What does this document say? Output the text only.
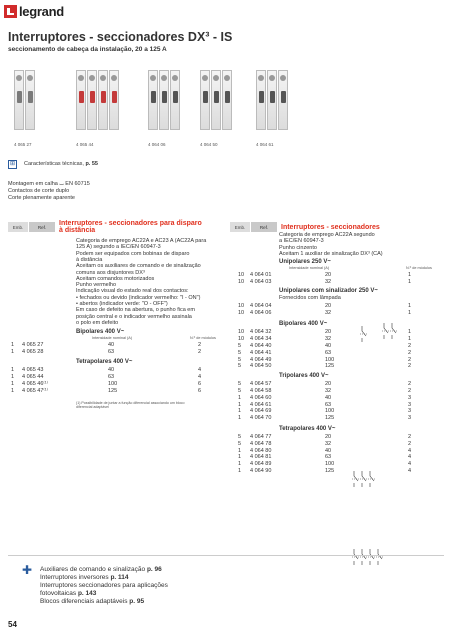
legrand
Interruptores - seccionadores DX³ - IS
seccionamento de cabeça da instalação, 20 a 125 A
4 065 27	4 065 44	4 064 06	4 064 50	4 064 61
⊞	Características técnicas, p. 55
Montagem em calha ⌴ EN 60715
Contactos de corte duplo
Corte plenamente aparente
Emb.	Ref.	Interruptores - seccionadores para disparo
à distância
Categoria de emprego AC22A e AC23 A (AC22A para
125 A) segundo a IEC/EN 60947-3
Podem ser equipados com bobinas de disparo
à distância
Aceitam os auxiliares de comando e de sinalização
comuns aos disjuntores DX³
Aceitam comandos motorizados
Punho vermelho
Indicação visual do estado real dos contactos:
• fechados ou devido (indicador vermelho: "I - ON")
• abertos (indicador verde: "O - OFF")
Em caso de defeito na abertura, o punho fica em
posição central e o indicador vermelho assinala
o polo em defeito
Bipolares 400 V~
Intensidade nominal (A)	N.º de módulos
1 4 065 27	40	2
1 4 065 28	63	2
Tetrapolares 400 V~
1 4 065 43	40	4
1 4 065 44	63	4
1 4 065 46⁽¹⁾	100	6
1 4 065 47⁽¹⁾	125	6
(1) Possibilidade de juntar a função diferencial associando um bloco
diferencial adaptável
Emb.	Ref.	Interruptores - seccionadores
Categoria de emprego AC22A segundo
a IEC/EN 60947-3
Punho cinzento
Aceitam 1 auxiliar de sinalização DX³ (CA)
Unipolares 250 V~
Intensidade nominal (A)	N.º de módulos
10 4 064 01	20	1
10 4 064 03	32	1
Unipolares com sinalizador 250 V~
Fornecidos com lâmpada
10 4 064 04	20	1
10 4 064 06	32	1
Bipolares 400 V~
10 4 064 32	20	1
10 4 064 34	32	1
5 4 064 40	40	2
5 4 064 41	63	2
5 4 064 49	100	2
5 4 064 50	125	2
Tripolares 400 V~
5 4 064 57	20	2
5 4 064 58	32	2
1 4 064 60	40	3
1 4 064 61	63	3
1 4 064 69	100	3
1 4 064 70	125	3
Tetrapolares 400 V~
5 4 064 77	20	2
5 4 064 78	32	2
1 4 064 80	40	4
1 4 064 81	63	4
1 4 064 89	100	4
1 4 064 90	125	4
✚ Auxiliares de comando e sinalização p. 96
Interruptores inversores p. 114
Interruptores seccionadores para aplicações
fotovoltaicas p. 143
Blocos diferenciais adaptáveis p. 95
54
